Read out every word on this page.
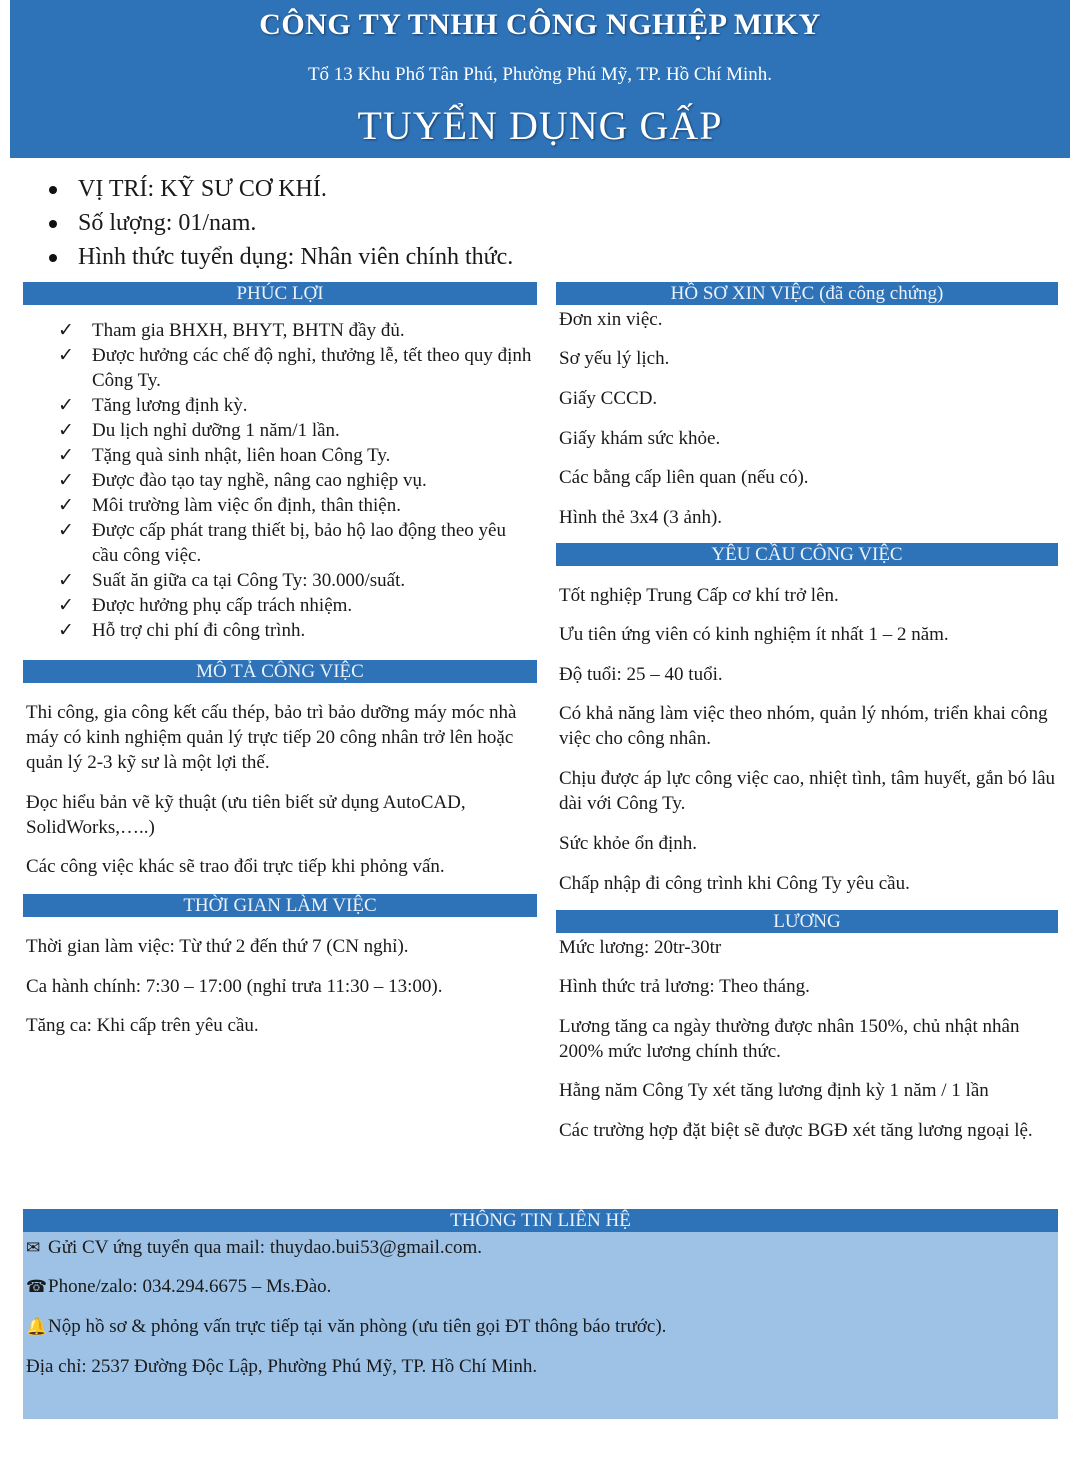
CÔNG TY TNHH CÔNG NGHIỆP MIKY
Tổ 13 Khu Phố Tân Phú, Phường Phú Mỹ, TP. Hồ Chí Minh.
TUYỂN DỤNG GẤP
VỊ TRÍ: KỸ SƯ CƠ KHÍ.
Số lượng: 01/nam.
Hình thức tuyển dụng: Nhân viên chính thức.
PHÚC LỢI
✓ Tham gia BHXH, BHYT, BHTN đầy đủ.
✓ Được hưởng các chế độ nghỉ, thưởng lễ, tết theo quy định Công Ty.
✓ Tăng lương định kỳ.
✓ Du lịch nghỉ dưỡng 1 năm/1 lần.
✓ Tặng quà sinh nhật, liên hoan Công Ty.
✓ Được đào tạo tay nghề, nâng cao nghiệp vụ.
✓ Môi trường làm việc ổn định, thân thiện.
✓ Được cấp phát trang thiết bị, bảo hộ lao động theo yêu cầu công việc.
✓ Suất ăn giữa ca tại Công Ty: 30.000/suất.
✓ Được hưởng phụ cấp trách nhiệm.
✓ Hỗ trợ chi phí đi công trình.
MÔ TẢ CÔNG VIỆC

Thi công, gia công kết cấu thép, bảo trì bảo dưỡng máy móc nhà máy có kinh nghiệm quản lý trực tiếp 20 công nhân trở lên hoặc quản lý 2-3 kỹ sư là một lợi thế.

Đọc hiểu bản vẽ kỹ thuật (ưu tiên biết sử dụng AutoCAD, SolidWorks,…..)

Các công việc khác sẽ trao đổi trực tiếp khi phỏng vấn.

THỜI GIAN LÀM VIỆC

Thời gian làm việc: Từ thứ 2 đến thứ 7 (CN nghỉ).

Ca hành chính: 7:30 – 17:00 (nghỉ trưa 11:30 – 13:00).

Tăng ca: Khi cấp trên yêu cầu.

HỒ SƠ XIN VIỆC (đã công chứng)

Đơn xin việc.

Sơ yếu lý lịch.

Giấy CCCD.

Giấy khám sức khỏe.

Các bằng cấp liên quan (nếu có).

Hình thẻ 3x4 (3 ảnh).

YÊU CẦU CÔNG VIỆC

Tốt nghiệp Trung Cấp cơ khí trở lên.

Ưu tiên ứng viên có kinh nghiệm ít nhất 1 – 2 năm.

Độ tuổi: 25 – 40 tuổi.

Có khả năng làm việc theo nhóm, quản lý nhóm, triển khai công việc cho công nhân.

Chịu được áp lực công việc cao, nhiệt tình, tâm huyết, gắn bó lâu dài với Công Ty.

Sức khỏe ổn định.

Chấp nhập đi công trình khi Công Ty yêu cầu.

LƯƠNG

Mức lương: 20tr-30tr

Hình thức trả lương: Theo tháng.

Lương tăng ca ngày thường được nhân 150%, chủ nhật nhân 200% mức lương chính thức.

Hằng năm Công Ty xét tăng lương định kỳ 1 năm / 1 lần

Các trường hợp đặt biệt sẽ được BGĐ xét tăng lương ngoại lệ.

THÔNG TIN LIÊN HỆ

✉ Gửi CV ứng tuyển qua mail: thuydao.bui53@gmail.com.

☎Phone/zalo: 034.294.6675 – Ms.Đào.

🔔Nộp hồ sơ & phỏng vấn trực tiếp tại văn phòng (ưu tiên gọi ĐT thông báo trước).

Địa chỉ: 2537 Đường Độc Lập, Phường Phú Mỹ, TP. Hồ Chí Minh.
